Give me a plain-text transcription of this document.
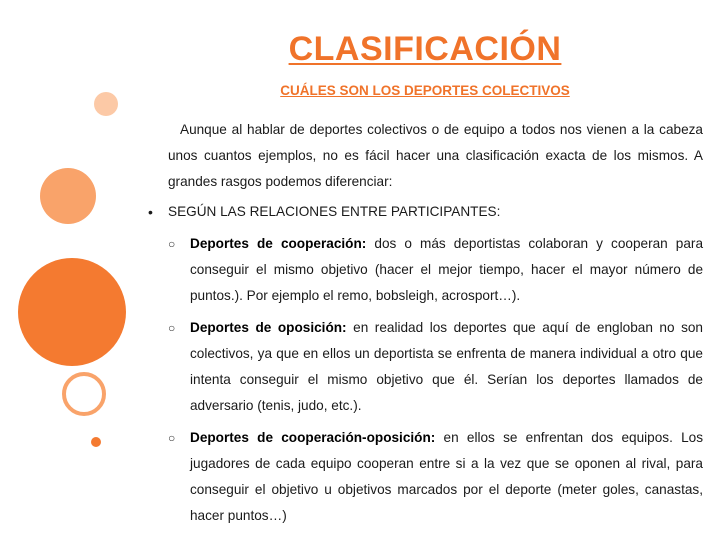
CLASIFICACIÓN
CUÁLES SON LOS DEPORTES COLECTIVOS

Aunque al hablar de deportes colectivos o de equipo a todos nos vienen a la cabeza unos cuantos ejemplos, no es fácil hacer una clasificación exacta de los mismos. A grandes rasgos podemos diferenciar:

•	SEGÚN LAS RELACIONES ENTRE PARTICIPANTES:
○	Deportes de cooperación: dos o más deportistas colaboran y cooperan para conseguir el mismo objetivo (hacer el mejor tiempo, hacer el mayor número de puntos.). Por ejemplo el remo, bobsleigh, acrosport…).
○	Deportes de oposición: en realidad los deportes que aquí de engloban no son colectivos, ya que en ellos un deportista se enfrenta de manera individual a otro que intenta conseguir el mismo objetivo que él. Serían los deportes llamados de adversario (tenis, judo, etc.).
○	Deportes de cooperación-oposición: en ellos se enfrentan dos equipos. Los jugadores de cada equipo cooperan entre si a la vez que se oponen al rival, para conseguir el objetivo u objetivos marcados por el deporte (meter goles, canastas, hacer puntos…)
